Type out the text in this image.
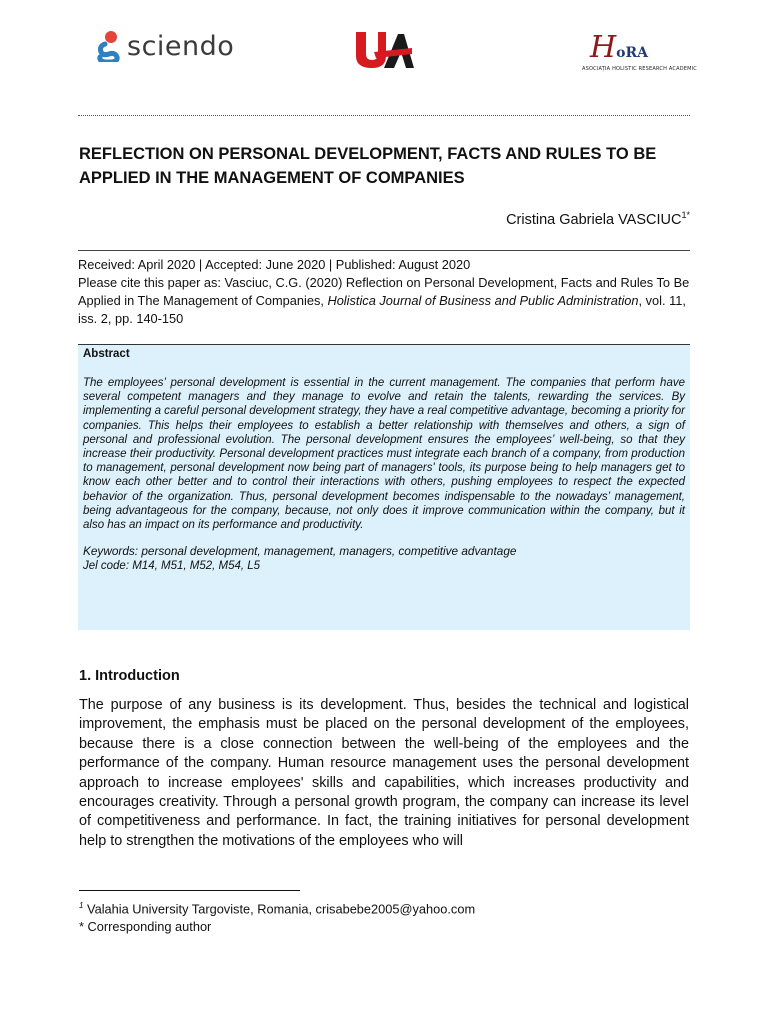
sciendo	HoRA
ASOCIAȚIA HOLISTIC RESEARCH ACADEMIC
REFLECTION ON PERSONAL DEVELOPMENT, FACTS AND RULES TO BE APPLIED IN THE MANAGEMENT OF COMPANIES
Cristina Gabriela $VASCIUC^{1*}$
Received: April 2020 | Accepted: June 2020 | Published: August 2020
Please cite this paper as: Vasciuc, C.G. (2020) Reflection on Personal Development, Facts and Rules To Be Applied in The Management of Companies, Holistica Journal of Business and Public Administration, vol. 11, iss. 2, pp. 140-150
Abstract

The employees’ personal development is essential in the current management. The companies that perform have several competent managers and they manage to evolve and retain the talents, rewarding the services. By implementing a careful personal development strategy, they have a real competitive advantage, becoming a priority for companies. This helps their employees to establish a better relationship with themselves and others, a sign of personal and professional evolution. The personal development ensures the employees’ well-being, so that they increase their productivity. Personal development practices must integrate each branch of a company, from production to management, personal development now being part of managers' tools, its purpose being to help managers get to know each other better and to control their interactions with others, pushing employees to respect the expected behavior of the organization. Thus, personal development becomes indispensable to the nowadays’ management, being advantageous for the company, because, not only does it improve communication within the company, but it also has an impact on its performance and productivity.

Keywords: personal development, management, managers, competitive advantage
Jel code: M14, M51, M52, M54, L5
1. Introduction
The purpose of any business is its development. Thus, besides the technical and logistical improvement, the emphasis must be placed on the personal development of the employees, because there is a close connection between the well-being of the employees and the performance of the company. Human resource management uses the personal development approach to increase employees' skills and capabilities, which increases productivity and encourages creativity. Through a personal growth program, the company can increase its level of competitiveness and performance. In fact, the training initiatives for personal development help to strengthen the motivations of the employees who will
$^1$ Valahia University Targoviste, Romania, crisabebe2005@yahoo.com
* Corresponding author
